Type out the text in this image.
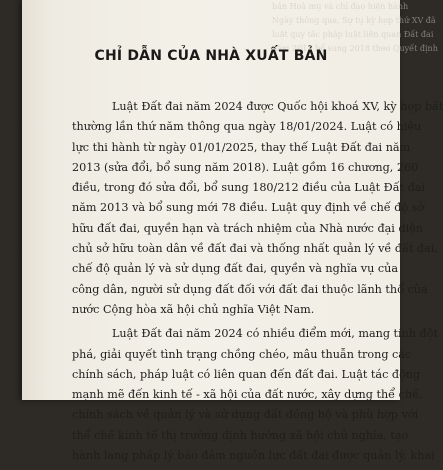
bản Hoà mụ và chỉ đạo hiện hành
Ngày thông qua, Sự tụ kỳ họp thứ XV đã
luật quy tắc pháp luật liên quan Đất đai
năm 2013 bổ sung 2018 theo Quyết định
CHỈ DẪN CỦA NHÀ XUẤT BẢN
Luật Đất đai năm 2024 được Quốc hội khoá XV, kỳ họp bất
thường lần thứ năm thông qua ngày 18/01/2024. Luật có hiệu
lực thi hành từ ngày 01/01/2025, thay thế Luật Đất đai năm
2013 (sửa đổi, bổ sung năm 2018). Luật gồm 16 chương, 260
điều, trong đó sửa đổi, bổ sung 180/212 điều của Luật Đất đai
năm 2013 và bổ sung mới 78 điều. Luật quy định về chế độ sở
hữu đất đai, quyền hạn và trách nhiệm của Nhà nước đại diện
chủ sở hữu toàn dân về đất đai và thống nhất quản lý về đất đai,
chế độ quản lý và sử dụng đất đai, quyền và nghĩa vụ của
công dân, người sử dụng đất đối với đất đai thuộc lãnh thổ của
nước Cộng hòa xã hội chủ nghĩa Việt Nam.
Luật Đất đai năm 2024 có nhiều điểm mới, mang tính đột
phá, giải quyết tình trạng chồng chéo, mâu thuẫn trong các
chính sách, pháp luật có liên quan đến đất đai. Luật tác động
mạnh mẽ đến kinh tế - xã hội của đất nước, xây dựng thể chế,
chính sách về quản lý và sử dụng đất đồng bộ và phù hợp với
thể chế kinh tế thị trường định hướng xã hội chủ nghĩa, tạo
hành lang pháp lý bảo đảm nguồn lực đất đai được quản lý, khai
